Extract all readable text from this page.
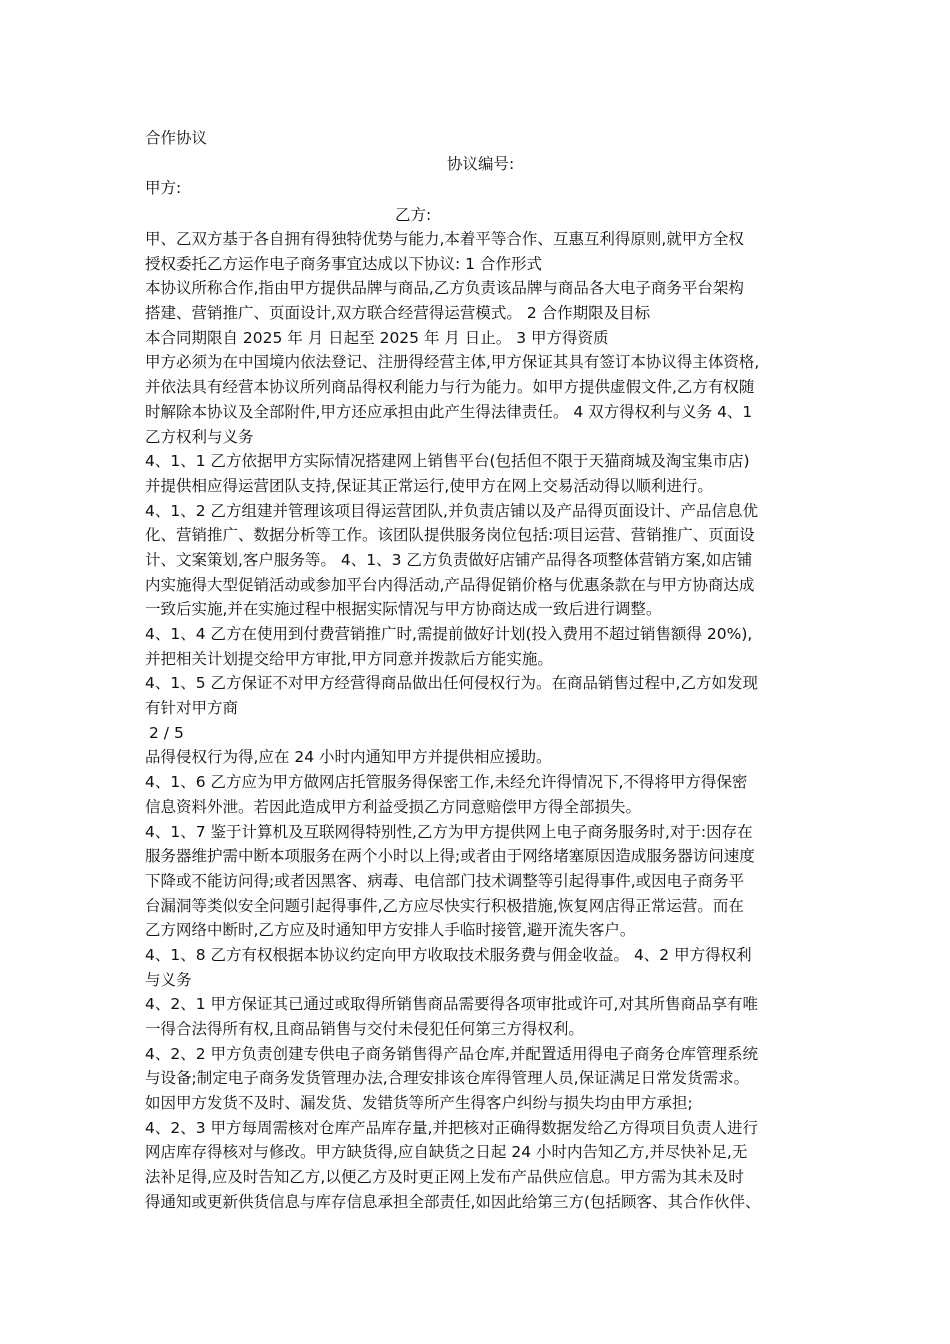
合作协议
协议编号:
甲方:
乙方:
甲、乙双方基于各自拥有得独特优势与能力,本着平等合作、互惠互利得原则,就甲方全权
授权委托乙方运作电子商务事宜达成以下协议: 1 合作形式
本协议所称合作,指由甲方提供品牌与商品,乙方负责该品牌与商品各大电子商务平台架构
搭建、营销推广、页面设计,双方联合经营得运营模式。 2 合作期限及目标
本合同期限自 2025 年 月 日起至 2025 年 月 日止。 3 甲方得资质
甲方必须为在中国境内依法登记、注册得经营主体,甲方保证其具有签订本协议得主体资格,
并依法具有经营本协议所列商品得权利能力与行为能力。如甲方提供虚假文件,乙方有权随
时解除本协议及全部附件,甲方还应承担由此产生得法律责任。 4 双方得权利与义务 4、1
乙方权利与义务
4、1、1 乙方依据甲方实际情况搭建网上销售平台(包括但不限于天猫商城及淘宝集市店)
并提供相应得运营团队支持,保证其正常运行,使甲方在网上交易活动得以顺利进行。
4、1、2 乙方组建并管理该项目得运营团队,并负责店铺以及产品得页面设计、产品信息优
化、营销推广、数据分析等工作。该团队提供服务岗位包括:项目运营、营销推广、页面设
计、文案策划,客户服务等。 4、1、3 乙方负责做好店铺产品得各项整体营销方案,如店铺
内实施得大型促销活动或参加平台内得活动,产品得促销价格与优惠条款在与甲方协商达成
一致后实施,并在实施过程中根据实际情况与甲方协商达成一致后进行调整。
4、1、4 乙方在使用到付费营销推广时,需提前做好计划(投入费用不超过销售额得 20%),
并把相关计划提交给甲方审批,甲方同意并拨款后方能实施。
4、1、5 乙方保证不对甲方经营得商品做出任何侵权行为。在商品销售过程中,乙方如发现
有针对甲方商
2 / 5
品得侵权行为得,应在 24 小时内通知甲方并提供相应援助。
4、1、6 乙方应为甲方做网店托管服务得保密工作,未经允许得情况下,不得将甲方得保密
信息资料外泄。若因此造成甲方利益受损乙方同意赔偿甲方得全部损失。
4、1、7 鉴于计算机及互联网得特别性,乙方为甲方提供网上电子商务服务时,对于:因存在
服务器维护需中断本项服务在两个小时以上得;或者由于网络堵塞原因造成服务器访问速度
下降或不能访问得;或者因黑客、病毒、电信部门技术调整等引起得事件,或因电子商务平
台漏洞等类似安全问题引起得事件,乙方应尽快实行积极措施,恢复网店得正常运营。而在
乙方网络中断时,乙方应及时通知甲方安排人手临时接管,避开流失客户。
4、1、8 乙方有权根据本协议约定向甲方收取技术服务费与佣金收益。 4、2 甲方得权利
与义务
4、2、1 甲方保证其已通过或取得所销售商品需要得各项审批或许可,对其所售商品享有唯
一得合法得所有权,且商品销售与交付未侵犯任何第三方得权利。
4、2、2 甲方负责创建专供电子商务销售得产品仓库,并配置适用得电子商务仓库管理系统
与设备;制定电子商务发货管理办法,合理安排该仓库得管理人员,保证满足日常发货需求。
如因甲方发货不及时、漏发货、发错货等所产生得客户纠纷与损失均由甲方承担;
4、2、3 甲方每周需核对仓库产品库存量,并把核对正确得数据发给乙方得项目负责人进行
网店库存得核对与修改。甲方缺货得,应自缺货之日起 24 小时内告知乙方,并尽快补足,无
法补足得,应及时告知乙方,以便乙方及时更正网上发布产品供应信息。甲方需为其未及时
得通知或更新供货信息与库存信息承担全部责任,如因此给第三方(包括顾客、其合作伙伴、
